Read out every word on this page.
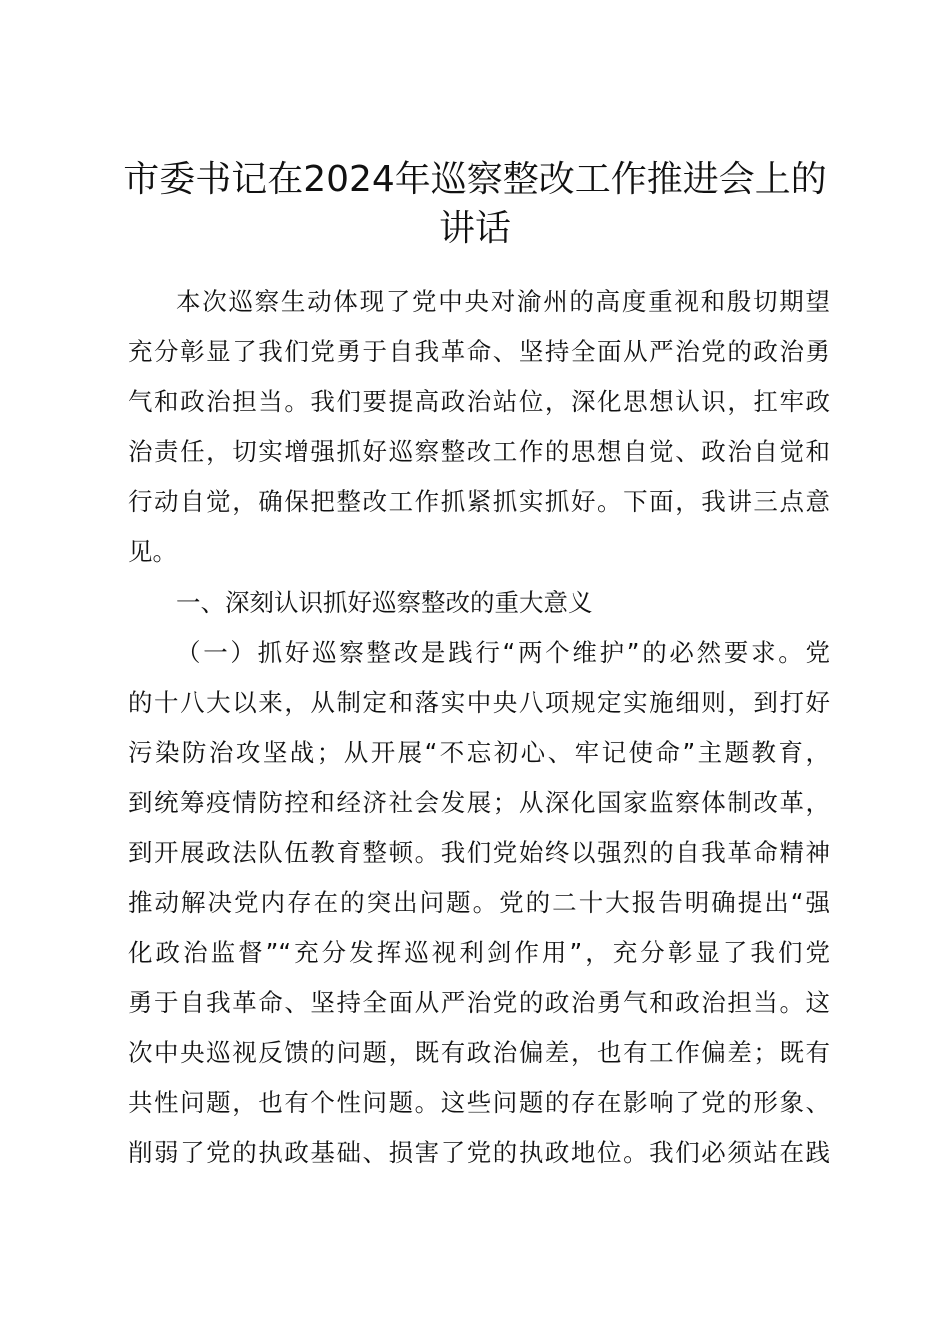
市委书记在2024年巡察整改工作推进会上的讲话

本次巡察生动体现了党中央对渝州的高度重视和殷切期望

充分彰显了我们党勇于自我革命、坚持全面从严治党的政治勇

气和政治担当。我们要提高政治站位，深化思想认识，扛牢政

治责任，切实增强抓好巡察整改工作的思想自觉、政治自觉和

行动自觉，确保把整改工作抓紧抓实抓好。下面，我讲三点意

见。

一、深刻认识抓好巡察整改的重大意义

（一）抓好巡察整改是践行“两个维护”的必然要求。党

的十八大以来，从制定和落实中央八项规定实施细则，到打好

污染防治攻坚战；从开展“不忘初心、牢记使命”主题教育，

到统筹疫情防控和经济社会发展；从深化国家监察体制改革，

到开展政法队伍教育整顿。我们党始终以强烈的自我革命精神

推动解决党内存在的突出问题。党的二十大报告明确提出“强

化政治监督”“充分发挥巡视利剑作用”，充分彰显了我们党

勇于自我革命、坚持全面从严治党的政治勇气和政治担当。这

次中央巡视反馈的问题，既有政治偏差，也有工作偏差；既有

共性问题，也有个性问题。这些问题的存在影响了党的形象、

削弱了党的执政基础、损害了党的执政地位。我们必须站在践
